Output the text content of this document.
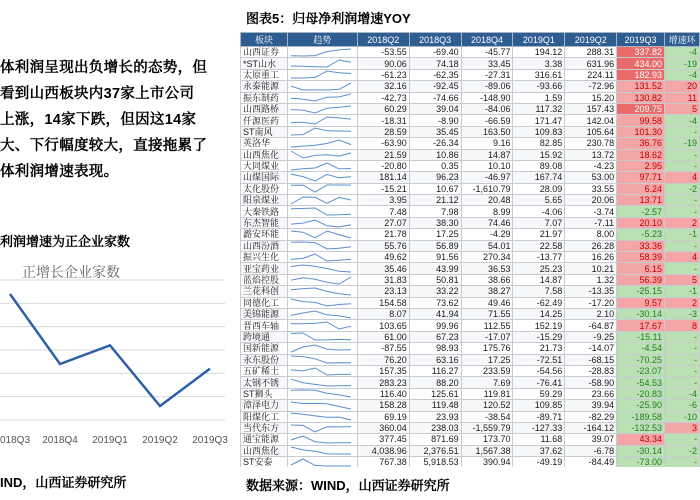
体利润呈现出负增长的态势，但
看到山西板块内37家上市公司
上涨，14家下跌，但因这14家
大、下行幅度较大，直接拖累了
体利润增速表现。
利润增速为正企业家数
018Q3 2018Q4 2019Q1 2019Q2 2019Q3
正增长企业家数
IND，山西证券研究所
图表5：归母净利润增速YOY
板块	趋势	2018Q2	2018Q3	2018Q4	2019Q1	2019Q2	2019Q3	增速环
山西证券		-53.55	-69.40	-45.77	194.12	288.31	337.82	-4
*ST山水		90.06	74.18	33.45	3.38	631.96	434.00	-19
太原重工		-61.23	-62.35	-27.31	316.61	224.11	182.93	-4
永泰能源		32.16	-92.45	-89.06	-93.66	-72.96	131.52	20
振东制药		-42.73	-74.66	-148.90	1.59	15.20	130.82	11
山西路桥		60.29	39.04	-84.06	117.32	157.43	209.75	5
仟源医药		-18.31	-8.90	-66.59	171.47	142.04	99.58	-4
ST南风		28.59	35.45	163.50	109.83	105.64	101.30	-
英洛华		-63.90	-26.34	9.16	82.85	230.78	36.76	-19
山西焦化		21.59	10.86	14.87	15.92	13.72	18.62	-
大同煤业		-20.80	0.35	10.10	89.08	-4.23	2.95	-
山煤国际		181.14	96.23	-46.97	167.74	53.00	97.71	4
太化股份		-15.21	10.67	-1,610.79	28.09	33.55	6.24	-2
阳泉煤业		3.95	21.12	20.48	5.65	20.06	13.71	-
大秦铁路		7.48	7.98	8.99	-4.06	-3.74	-2.57	-
东杰智能		27.07	38.30	74.46	7.07	-7.11	20.10	2
潞安环能		21.78	17.25	-4.29	21.97	8.00	-5.23	-1
山西汾酒		55.76	56.89	54.01	22.58	26.28	33.36	-
振兴生化		49.62	91.56	270.34	-13.77	16.26	58.39	4
亚宝药业		35.46	43.99	36.53	25.23	10.21	6.15	-
蓝焰控股		31.83	50.81	38.66	14.87	1.32	56.39	5
兰花科创		23.13	33.22	38.27	7.58	-13.35	-25.15	-1
同德化工		154.58	73.62	49.46	-62.49	-17.20	9.57	2
美锦能源		8.07	41.94	71.55	14.25	2.10	-30.14	-3
晋西车轴		103.65	99.96	112.55	152.19	-64.87	17.67	8
跨境通		61.00	67.23	-17.07	-15.29	-9.25	-15.11	-
国新能源		-87.55	98.93	175.76	21.73	-14.07	-4.54	-
永东股份		76.20	63.16	17.25	-72.51	-68.15	-70.25	-
五矿稀土		157.35	116.27	233.59	-54.56	-28.83	-23.07	-
太钢不锈		283.23	88.20	7.69	-76.41	-58.90	-54.53	-
ST狮头		116.40	125.61	119.81	59.29	23.66	-20.83	-4
漳泽电力		158.28	119.48	120.52	109.85	39.94	-25.90	-6
阳煤化工		69.19	23.93	-38.54	-89.71	-82.29	-189.58	-10
当代东方		360.04	238.03	-1,559.79	-127.33	-164.12	-132.53	3
通宝能源		377.45	871.69	173.70	11.68	39.07	43.34	-
山西焦化		4,038.96	2,376.51	1,567.38	37.62	-6.78	-30.14	-2
ST安泰		767.38	5,918.53	390.94	-49.19	-84.49	-73.00	-
数据来源：WIND，山西证券研究所
